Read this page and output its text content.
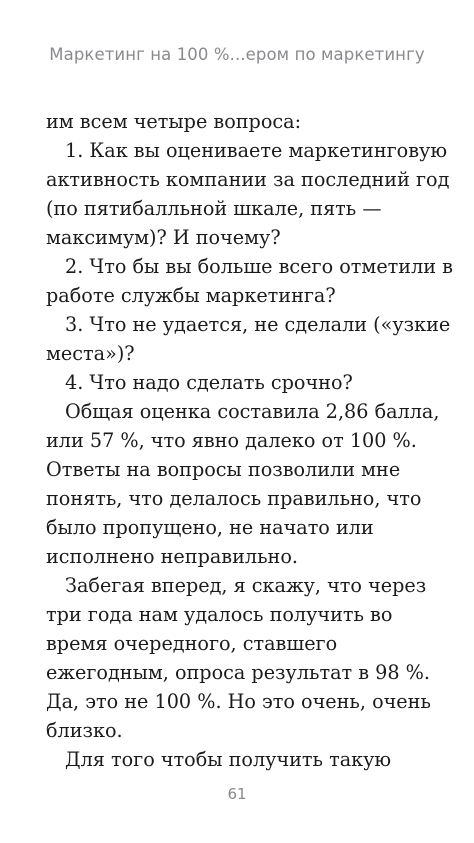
Маркетинг на 100 %...ером по маркетингу
им всем четыре вопроса:
1. Как вы оцениваете маркетинговую
активность компании за последний год
(по пятибалльной шкале, пять —
максимум)? И почему?
2. Что бы вы больше всего отметили в
работе службы маркетинга?
3. Что не удается, не сделали («узкие
места»)?
4. Что надо сделать срочно?
Общая оценка составила 2,86 балла,
или 57 %, что явно далеко от 100 %.
Ответы на вопросы позволили мне
понять, что делалось правильно, что
было пропущено, не начато или
исполнено неправильно.
Забегая вперед, я скажу, что через
три года нам удалось получить во
время очередного, ставшего
ежегодным, опроса результат в 98 %.
Да, это не 100 %. Но это очень, очень
близко.
Для того чтобы получить такую
61
